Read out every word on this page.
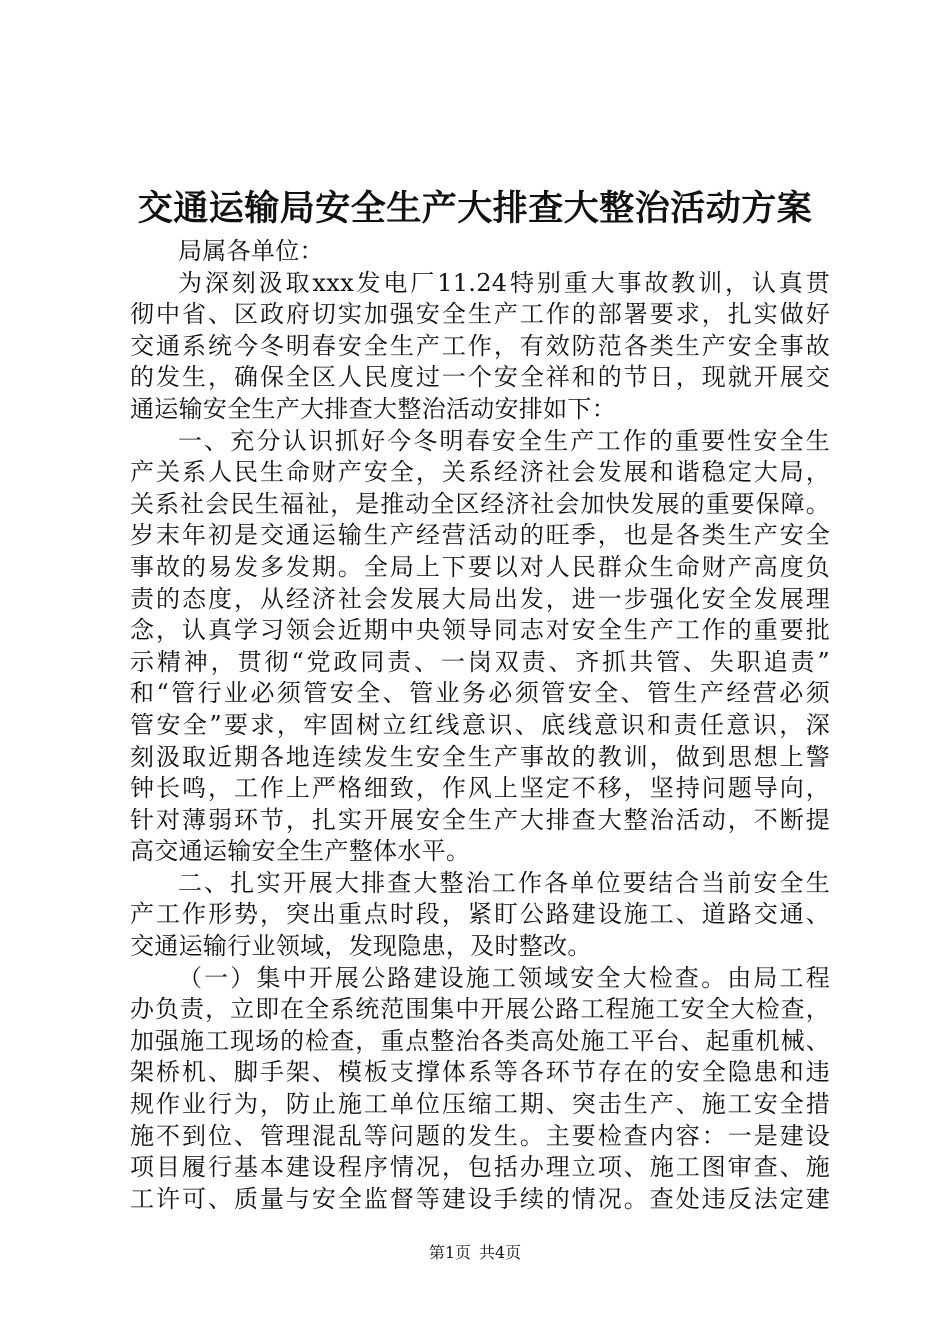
交通运输局安全生产大排查大整治活动方案
局属各单位：
为深刻汲取xxx发电厂11.24特别重大事故教训，认真贯
彻中省、区政府切实加强安全生产工作的部署要求，扎实做好
交通系统今冬明春安全生产工作，有效防范各类生产安全事故
的发生，确保全区人民度过一个安全祥和的节日，现就开展交
通运输安全生产大排查大整治活动安排如下：
一、充分认识抓好今冬明春安全生产工作的重要性安全生
产关系人民生命财产安全，关系经济社会发展和谐稳定大局，
关系社会民生福祉，是推动全区经济社会加快发展的重要保障。
岁末年初是交通运输生产经营活动的旺季，也是各类生产安全
事故的易发多发期。全局上下要以对人民群众生命财产高度负
责的态度，从经济社会发展大局出发，进一步强化安全发展理
念，认真学习领会近期中央领导同志对安全生产工作的重要批
示精神，贯彻“党政同责、一岗双责、齐抓共管、失职追责”
和“管行业必须管安全、管业务必须管安全、管生产经营必须
管安全”要求，牢固树立红线意识、底线意识和责任意识，深
刻汲取近期各地连续发生安全生产事故的教训，做到思想上警
钟长鸣，工作上严格细致，作风上坚定不移，坚持问题导向，
针对薄弱环节，扎实开展安全生产大排查大整治活动，不断提
高交通运输安全生产整体水平。
二、扎实开展大排查大整治工作各单位要结合当前安全生
产工作形势，突出重点时段，紧盯公路建设施工、道路交通、
交通运输行业领域，发现隐患，及时整改。
（一）集中开展公路建设施工领域安全大检查。由局工程
办负责，立即在全系统范围集中开展公路工程施工安全大检查，
加强施工现场的检查，重点整治各类高处施工平台、起重机械、
架桥机、脚手架、模板支撑体系等各环节存在的安全隐患和违
规作业行为，防止施工单位压缩工期、突击生产、施工安全措
施不到位、管理混乱等问题的发生。主要检查内容：一是建设
项目履行基本建设程序情况，包括办理立项、施工图审查、施
工许可、质量与安全监督等建设手续的情况。查处违反法定建
第1页 共4页
